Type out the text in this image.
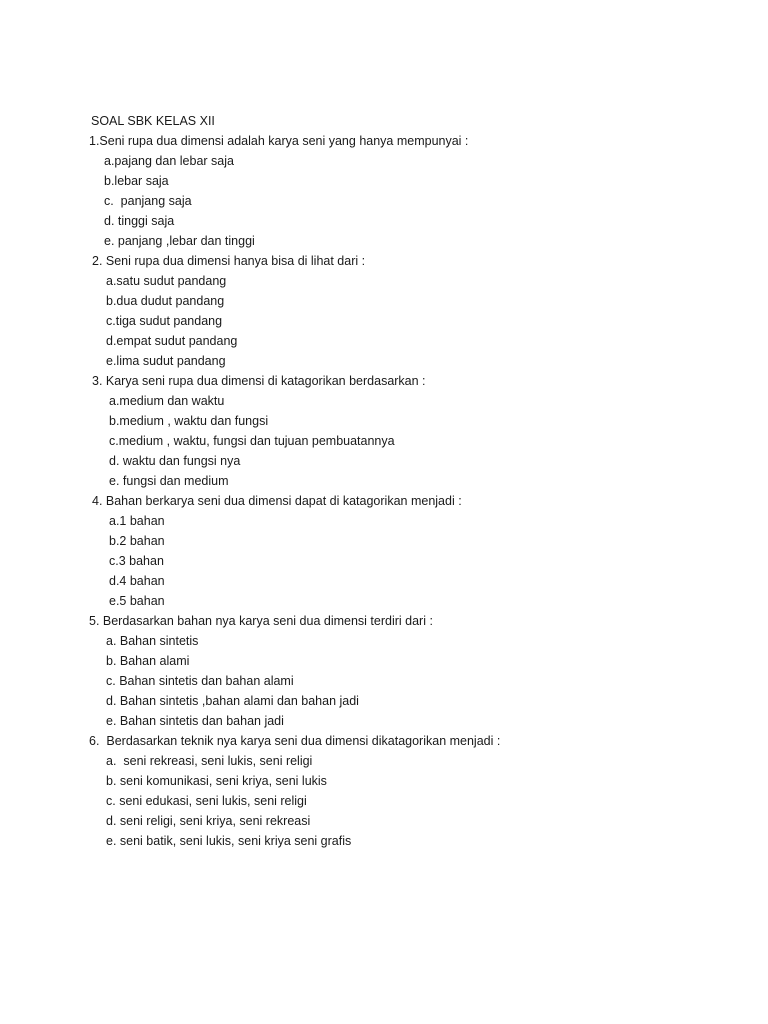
SOAL SBK KELAS XII
1.Seni rupa dua dimensi adalah karya seni yang hanya mempunyai :
a.pajang dan lebar saja
b.lebar saja
c.  panjang saja
d. tinggi saja
e. panjang ,lebar dan tinggi
2. Seni rupa dua dimensi hanya bisa di lihat dari :
a.satu sudut pandang
b.dua dudut pandang
c.tiga sudut pandang
d.empat sudut pandang
e.lima sudut pandang
3. Karya seni rupa dua dimensi di katagorikan berdasarkan :
a.medium dan waktu
b.medium , waktu dan fungsi
c.medium , waktu, fungsi dan tujuan pembuatannya
d. waktu dan fungsi nya
e. fungsi dan medium
4. Bahan berkarya seni dua dimensi dapat di katagorikan menjadi :
a.1 bahan
b.2 bahan
c.3 bahan
d.4 bahan
e.5 bahan
5. Berdasarkan bahan nya karya seni dua dimensi terdiri dari :
a. Bahan sintetis
b. Bahan alami
c. Bahan sintetis dan bahan alami
d. Bahan sintetis ,bahan alami dan bahan jadi
e. Bahan sintetis dan bahan jadi
6.  Berdasarkan teknik nya karya seni dua dimensi dikatagorikan menjadi :
a.  seni rekreasi, seni lukis, seni religi
b. seni komunikasi, seni kriya, seni lukis
c. seni edukasi, seni lukis, seni religi
d. seni religi, seni kriya, seni rekreasi
e. seni batik, seni lukis, seni kriya seni grafis
